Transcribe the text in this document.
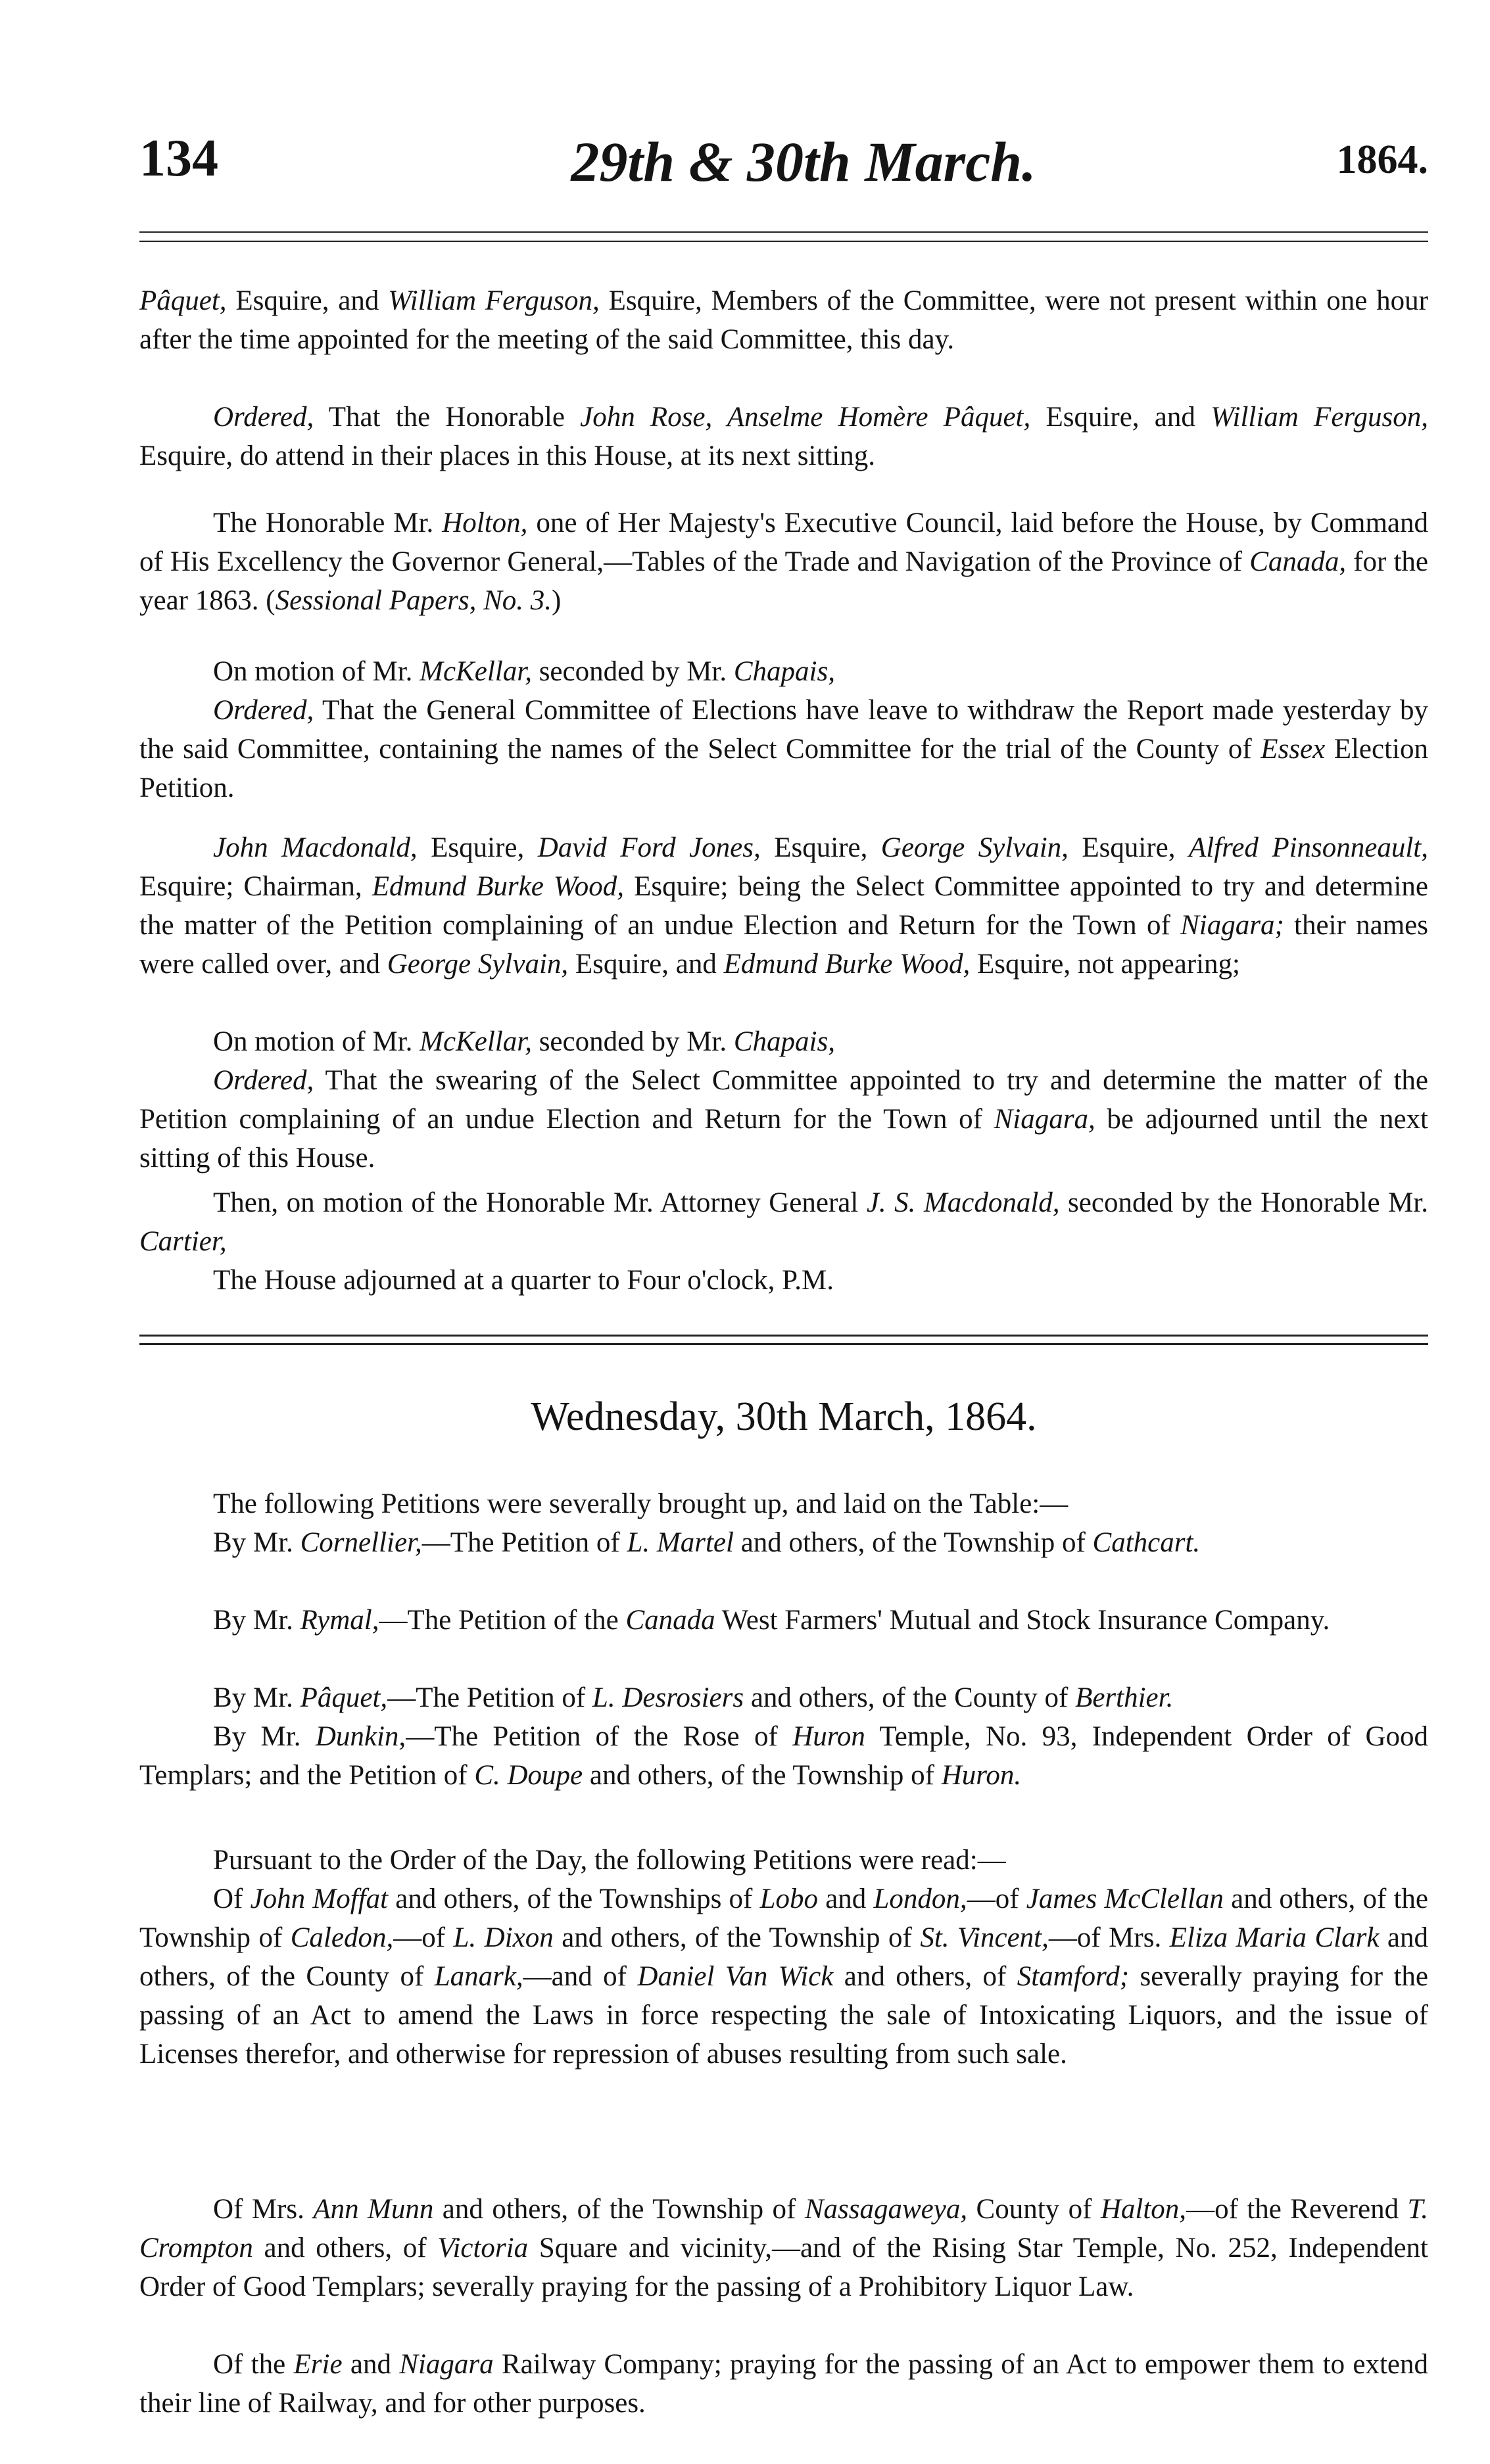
134	29th & 30th March.	1864.

Pâquet, Esquire, and William Ferguson, Esquire, Members of the Committee, were not present within one hour after the time appointed for the meeting of the said Committee, this day.

Ordered, That the Honorable John Rose, Anselme Homère Pâquet, Esquire, and William Ferguson, Esquire, do attend in their places in this House, at its next sitting.

The Honorable Mr. Holton, one of Her Majesty's Executive Council, laid before the House, by Command of His Excellency the Governor General,—Tables of the Trade and Navigation of the Province of Canada, for the year 1863. (Sessional Papers, No. 3.)

On motion of Mr. McKellar, seconded by Mr. Chapais,

Ordered, That the General Committee of Elections have leave to withdraw the Report made yesterday by the said Committee, containing the names of the Select Committee for the trial of the County of Essex Election Petition.

John Macdonald, Esquire, David Ford Jones, Esquire, George Sylvain, Esquire, Alfred Pinsonneault, Esquire; Chairman, Edmund Burke Wood, Esquire; being the Select Committee appointed to try and determine the matter of the Petition complaining of an undue Election and Return for the Town of Niagara; their names were called over, and George Sylvain, Esquire, and Edmund Burke Wood, Esquire, not appearing;

On motion of Mr. McKellar, seconded by Mr. Chapais,

Ordered, That the swearing of the Select Committee appointed to try and determine the matter of the Petition complaining of an undue Election and Return for the Town of Niagara, be adjourned until the next sitting of this House.

Then, on motion of the Honorable Mr. Attorney General J. S. Macdonald, seconded by the Honorable Mr. Cartier,

The House adjourned at a quarter to Four o'clock, P.M.

Wednesday, 30th March, 1864.

The following Petitions were severally brought up, and laid on the Table:—

By Mr. Cornellier,—The Petition of L. Martel and others, of the Township of Cathcart.

By Mr. Rymal,—The Petition of the Canada West Farmers' Mutual and Stock Insurance Company.

By Mr. Pâquet,—The Petition of L. Desrosiers and others, of the County of Berthier.

By Mr. Dunkin,—The Petition of the Rose of Huron Temple, No. 93, Independent Order of Good Templars; and the Petition of C. Doupe and others, of the Township of Huron.

Pursuant to the Order of the Day, the following Petitions were read:—

Of John Moffat and others, of the Townships of Lobo and London,—of James McClellan and others, of the Township of Caledon,—of L. Dixon and others, of the Township of St. Vincent,—of Mrs. Eliza Maria Clark and others, of the County of Lanark,—and of Daniel Van Wick and others, of Stamford; severally praying for the passing of an Act to amend the Laws in force respecting the sale of Intoxicating Liquors, and the issue of Licenses therefor, and otherwise for repression of abuses resulting from such sale.

Of Mrs. Ann Munn and others, of the Township of Nassagaweya, County of Halton,—of the Reverend T. Crompton and others, of Victoria Square and vicinity,—and of the Rising Star Temple, No. 252, Independent Order of Good Templars; severally praying for the passing of a Prohibitory Liquor Law.

Of the Erie and Niagara Railway Company; praying for the passing of an Act to empower them to extend their line of Railway, and for other purposes.
